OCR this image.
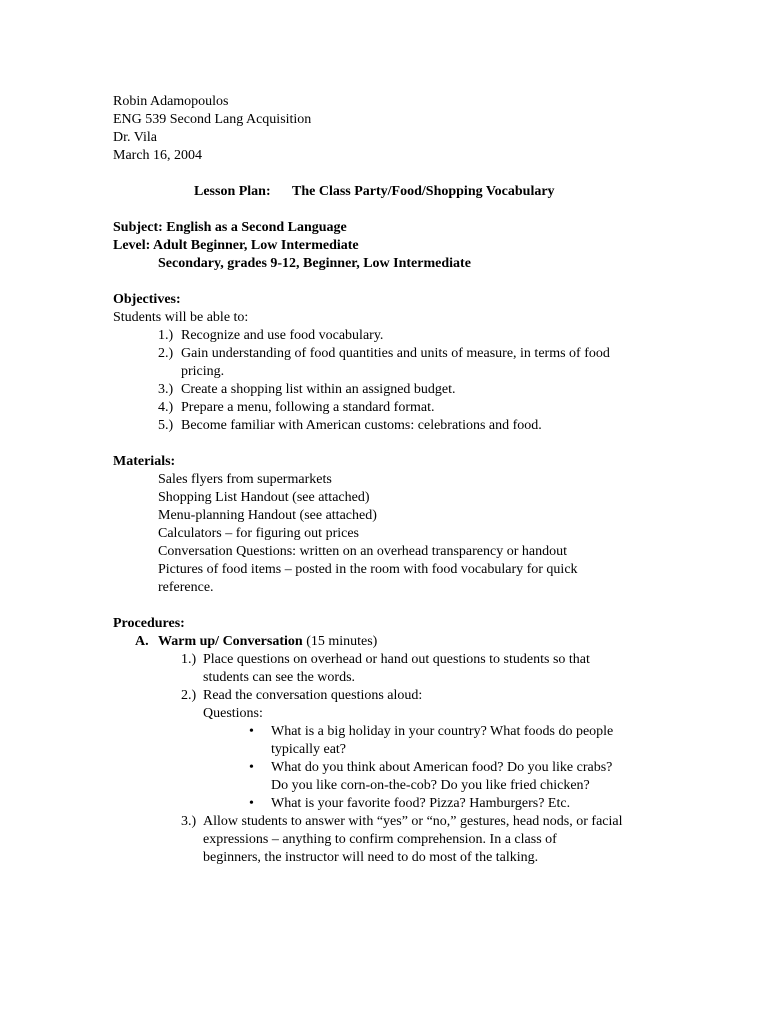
Robin Adamopoulos
ENG 539 Second Lang Acquisition
Dr. Vila
March 16, 2004
Lesson Plan: The Class Party/Food/Shopping Vocabulary
Subject: English as a Second Language
Level: Adult Beginner, Low Intermediate
Secondary, grades 9-12, Beginner, Low Intermediate
Objectives:
Students will be able to:
1.) Recognize and use food vocabulary.
2.) Gain understanding of food quantities and units of measure, in terms of food
pricing.
3.) Create a shopping list within an assigned budget.
4.) Prepare a menu, following a standard format.
5.) Become familiar with American customs: celebrations and food.
Materials:
Sales flyers from supermarkets
Shopping List Handout (see attached)
Menu-planning Handout (see attached)
Calculators – for figuring out prices
Conversation Questions: written on an overhead transparency or handout
Pictures of food items – posted in the room with food vocabulary for quick
reference.
Procedures:
A. Warm up/ Conversation (15 minutes)
1.) Place questions on overhead or hand out questions to students so that
students can see the words.
2.) Read the conversation questions aloud:
Questions:
• What is a big holiday in your country? What foods do people
typically eat?
• What do you think about American food? Do you like crabs?
Do you like corn-on-the-cob? Do you like fried chicken?
• What is your favorite food? Pizza? Hamburgers? Etc.
3.) Allow students to answer with “yes” or “no,” gestures, head nods, or facial
expressions – anything to confirm comprehension. In a class of
beginners, the instructor will need to do most of the talking.
